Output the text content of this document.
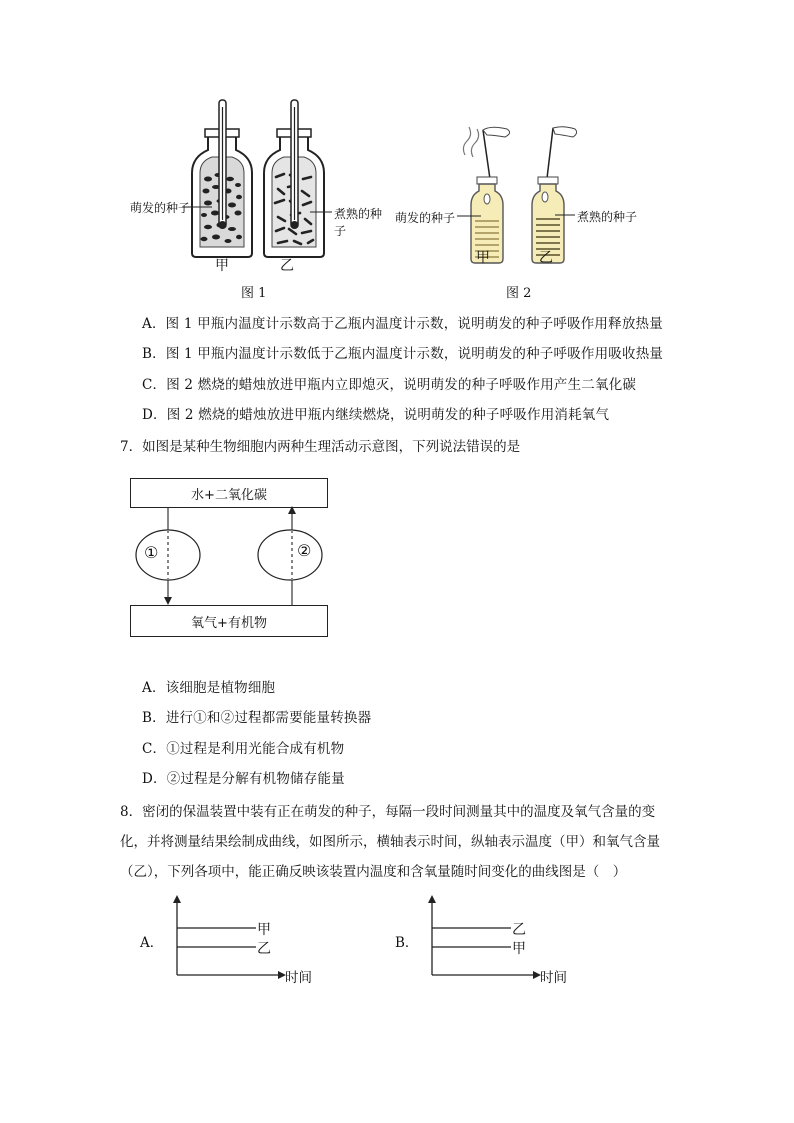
萌发的种子	煮熟的种子
甲	乙
图 1
萌发的种子	煮熟的种子
甲	乙
图 2
A．图 1 甲瓶内温度计示数高于乙瓶内温度计示数，说明萌发的种子呼吸作用释放热量
B．图 1 甲瓶内温度计示数低于乙瓶内温度计示数，说明萌发的种子呼吸作用吸收热量
C．图 2 燃烧的蜡烛放进甲瓶内立即熄灭，说明萌发的种子呼吸作用产生二氧化碳
D．图 2 燃烧的蜡烛放进甲瓶内继续燃烧，说明萌发的种子呼吸作用消耗氧气
7．如图是某种生物细胞内两种生理活动示意图，下列说法错误的是
水+二氧化碳
氧气+有机物
①	②
A．该细胞是植物细胞
B．进行①和②过程都需要能量转换器
C．①过程是利用光能合成有机物
D．②过程是分解有机物储存能量
8．密闭的保温装置中装有正在萌发的种子，每隔一段时间测量其中的温度及氧气含量的变
化，并将测量结果绘制成曲线，如图所示，横轴表示时间，纵轴表示温度（甲）和氧气含量
（乙），下列各项中，能正确反映该装置内温度和含氧量随时间变化的曲线图是（　）
A．
甲
乙
时间
B．
乙
甲
时间
